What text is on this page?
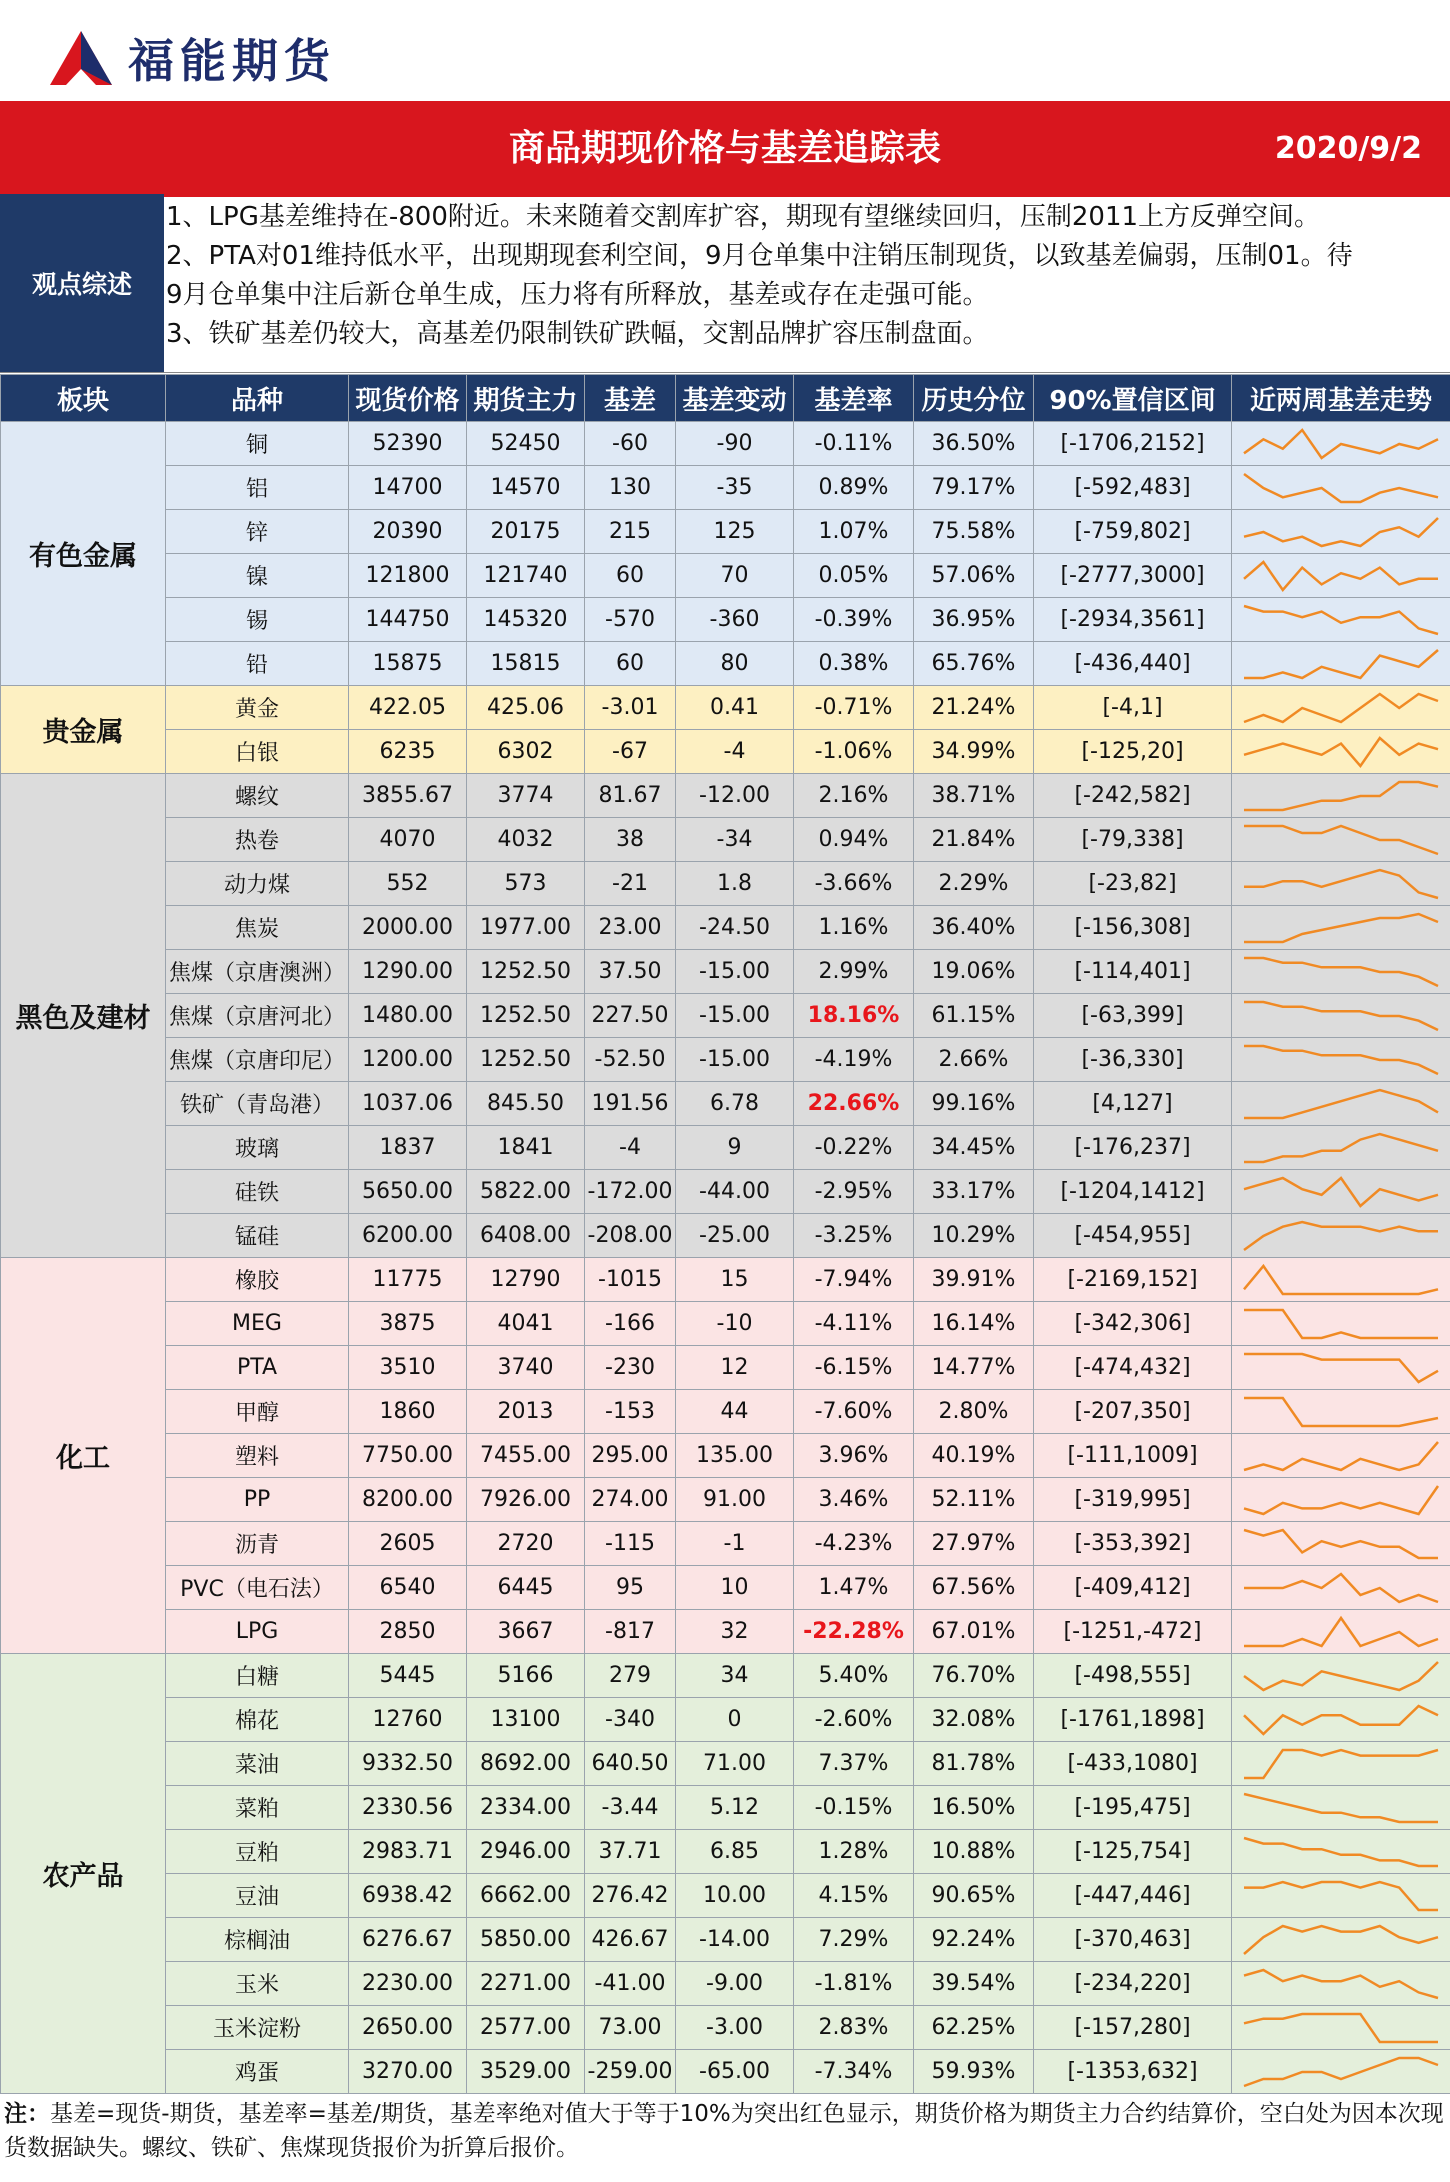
福能期货
商品期现价格与基差追踪表	2020/9/2
观点综述
1、LPG基差维持在-800附近。未来随着交割库扩容，期现有望继续回归，压制2011上方反弹空间。
2、PTA对01维持低水平，出现期现套利空间，9月仓单集中注销压制现货，以致基差偏弱，压制01。待
9月仓单集中注后新仓单生成，压力将有所释放，基差或存在走强可能。
3、铁矿基差仍较大，高基差仍限制铁矿跌幅，交割品牌扩容压制盘面。
板块	品种	现货价格	期货主力	基差	基差变动	基差率	历史分位	90%置信区间	近两周基差走势
有色金属	铜	52390	52450	-60	-90	-0.11%	36.50%	[-1706,2152]	

	铝	14700	14570	130	-35	0.89%	79.17%	[-592,483]	

	锌	20390	20175	215	125	1.07%	75.58%	[-759,802]	

	镍	121800	121740	60	70	0.05%	57.06%	[-2777,3000]	

	锡	144750	145320	-570	-360	-0.39%	36.95%	[-2934,3561]	

	铅	15875	15815	60	80	0.38%	65.76%	[-436,440]	

贵金属	黄金	422.05	425.06	-3.01	0.41	-0.71%	21.24%	[-4,1]	

	白银	6235	6302	-67	-4	-1.06%	34.99%	[-125,20]	

黑色及建材	螺纹	3855.67	3774	81.67	-12.00	2.16%	38.71%	[-242,582]	

	热卷	4070	4032	38	-34	0.94%	21.84%	[-79,338]	

	动力煤	552	573	-21	1.8	-3.66%	2.29%	[-23,82]	

	焦炭	2000.00	1977.00	23.00	-24.50	1.16%	36.40%	[-156,308]	

	焦煤（京唐澳洲）	1290.00	1252.50	37.50	-15.00	2.99%	19.06%	[-114,401]	

	焦煤（京唐河北）	1480.00	1252.50	227.50	-15.00	18.16%	61.15%	[-63,399]	

	焦煤（京唐印尼）	1200.00	1252.50	-52.50	-15.00	-4.19%	2.66%	[-36,330]	

	铁矿（青岛港）	1037.06	845.50	191.56	6.78	22.66%	99.16%	[4,127]	

	玻璃	1837	1841	-4	9	-0.22%	34.45%	[-176,237]	

	硅铁	5650.00	5822.00	-172.00	-44.00	-2.95%	33.17%	[-1204,1412]	

	锰硅	6200.00	6408.00	-208.00	-25.00	-3.25%	10.29%	[-454,955]	

化工	橡胶	11775	12790	-1015	15	-7.94%	39.91%	[-2169,152]	

	MEG	3875	4041	-166	-10	-4.11%	16.14%	[-342,306]	

	PTA	3510	3740	-230	12	-6.15%	14.77%	[-474,432]	

	甲醇	1860	2013	-153	44	-7.60%	2.80%	[-207,350]	

	塑料	7750.00	7455.00	295.00	135.00	3.96%	40.19%	[-111,1009]	

	PP	8200.00	7926.00	274.00	91.00	3.46%	52.11%	[-319,995]	

	沥青	2605	2720	-115	-1	-4.23%	27.97%	[-353,392]	

	PVC（电石法）	6540	6445	95	10	1.47%	67.56%	[-409,412]	

	LPG	2850	3667	-817	32	-22.28%	67.01%	[-1251,-472]	

农产品	白糖	5445	5166	279	34	5.40%	76.70%	[-498,555]	

	棉花	12760	13100	-340	0	-2.60%	32.08%	[-1761,1898]	

	菜油	9332.50	8692.00	640.50	71.00	7.37%	81.78%	[-433,1080]	

	菜粕	2330.56	2334.00	-3.44	5.12	-0.15%	16.50%	[-195,475]	

	豆粕	2983.71	2946.00	37.71	6.85	1.28%	10.88%	[-125,754]	

	豆油	6938.42	6662.00	276.42	10.00	4.15%	90.65%	[-447,446]	

	棕榈油	6276.67	5850.00	426.67	-14.00	7.29%	92.24%	[-370,463]	

	玉米	2230.00	2271.00	-41.00	-9.00	-1.81%	39.54%	[-234,220]	

	玉米淀粉	2650.00	2577.00	73.00	-3.00	2.83%	62.25%	[-157,280]	

	鸡蛋	3270.00	3529.00	-259.00	-65.00	-7.34%	59.93%	[-1353,632]	
注：基差=现货-期货，基差率=基差/期货，基差率绝对值大于等于10%为突出红色显示，期货价格为期货主力合约结算价，空白处为因本次现货数据缺失。螺纹、铁矿、焦煤现货报价为折算后报价。
